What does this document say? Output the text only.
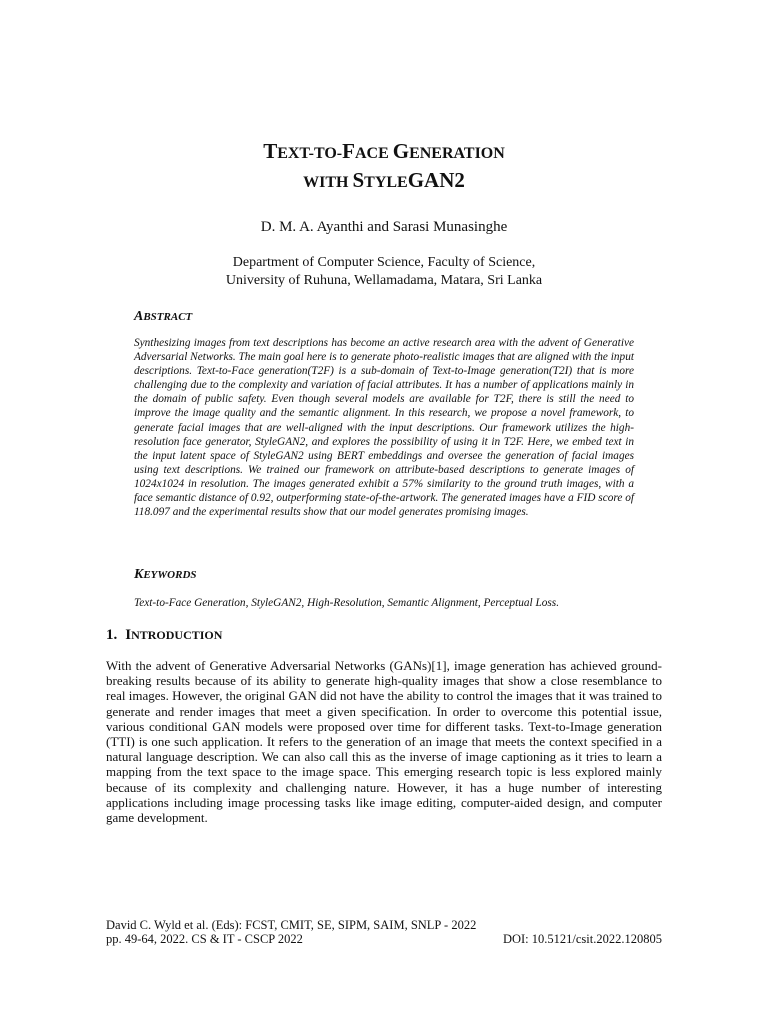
TEXT-TO-FACE GENERATION
WITH STYLEGAN2
D. M. A. Ayanthi and Sarasi Munasinghe
Department of Computer Science, Faculty of Science,
University of Ruhuna, Wellamadama, Matara, Sri Lanka
ABSTRACT

Synthesizing images from text descriptions has become an active research area with the advent of Generative Adversarial Networks. The main goal here is to generate photo-realistic images that are aligned with the input descriptions. Text-to-Face generation(T2F) is a sub-domain of Text-to-Image generation(T2I) that is more challenging due to the complexity and variation of facial attributes. It has a number of applications mainly in the domain of public safety. Even though several models are available for T2F, there is still the need to improve the image quality and the semantic alignment. In this research, we propose a novel framework, to generate facial images that are well-aligned with the input descriptions. Our framework utilizes the high-resolution face generator, StyleGAN2, and explores the possibility of using it in T2F. Here, we embed text in the input latent space of StyleGAN2 using BERT embeddings and oversee the generation of facial images using text descriptions. We trained our framework on attribute-based descriptions to generate images of 1024x1024 in resolution. The images generated exhibit a 57% similarity to the ground truth images, with a face semantic distance of 0.92, outperforming state-of-the-artwork. The generated images have a FID score of 118.097 and the experimental results show that our model generates promising images.

KEYWORDS

Text-to-Face Generation, StyleGAN2, High-Resolution, Semantic Alignment, Perceptual Loss.

1. INTRODUCTION

With the advent of Generative Adversarial Networks (GANs)[1], image generation has achieved ground-breaking results because of its ability to generate high-quality images that show a close resemblance to real images. However, the original GAN did not have the ability to control the images that it was trained to generate and render images that meet a given specification. In order to overcome this potential issue, various conditional GAN models were proposed over time for different tasks. Text-to-Image generation (TTI) is one such application. It refers to the generation of an image that meets the context specified in a natural language description. We can also call this as the inverse of image captioning as it tries to learn a mapping from the text space to the image space. This emerging research topic is less explored mainly because of its complexity and challenging nature. However, it has a huge number of interesting applications including image processing tasks like image editing, computer-aided design, and computer game development.

David C. Wyld et al. (Eds): FCST, CMIT, SE, SIPM, SAIM, SNLP - 2022
pp. 49-64, 2022. CS & IT - CSCP 2022	DOI: 10.5121/csit.2022.120805
